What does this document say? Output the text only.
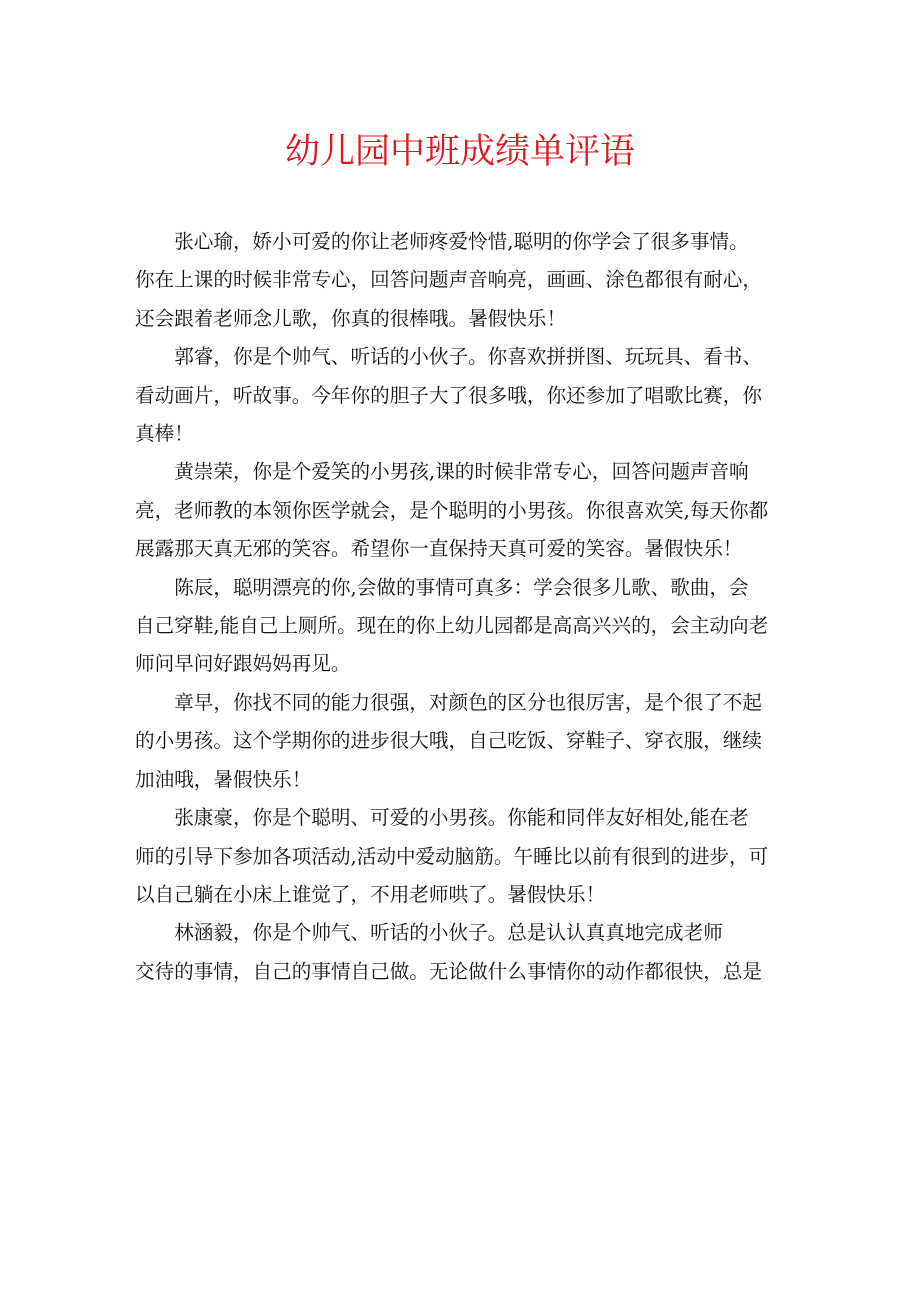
幼儿园中班成绩单评语
张心瑜，娇小可爱的你让老师疼爱怜惜,聪明的你学会了很多事情。
你在上课的时候非常专心，回答问题声音响亮，画画、涂色都很有耐心，
还会跟着老师念儿歌，你真的很棒哦。暑假快乐！
郭睿，你是个帅气、听话的小伙子。你喜欢拼拼图、玩玩具、看书、
看动画片，听故事。今年你的胆子大了很多哦，你还参加了唱歌比赛，你
真棒！
黄崇荣，你是个爱笑的小男孩,课的时候非常专心，回答问题声音响
亮，老师教的本领你医学就会，是个聪明的小男孩。你很喜欢笑,每天你都
展露那天真无邪的笑容。希望你一直保持天真可爱的笑容。暑假快乐！
陈辰，聪明漂亮的你,会做的事情可真多：学会很多儿歌、歌曲，会
自己穿鞋,能自己上厕所。现在的你上幼儿园都是高高兴兴的，会主动向老
师问早问好跟妈妈再见。
章早，你找不同的能力很强，对颜色的区分也很厉害，是个很了不起
的小男孩。这个学期你的进步很大哦，自己吃饭、穿鞋子、穿衣服，继续
加油哦，暑假快乐！
张康豪，你是个聪明、可爱的小男孩。你能和同伴友好相处,能在老
师的引导下参加各项活动,活动中爱动脑筋。午睡比以前有很到的进步，可
以自己躺在小床上谁觉了，不用老师哄了。暑假快乐！
林涵毅，你是个帅气、听话的小伙子。总是认认真真地完成老师
交待的事情，自己的事情自己做。无论做什么事情你的动作都很快，总是
